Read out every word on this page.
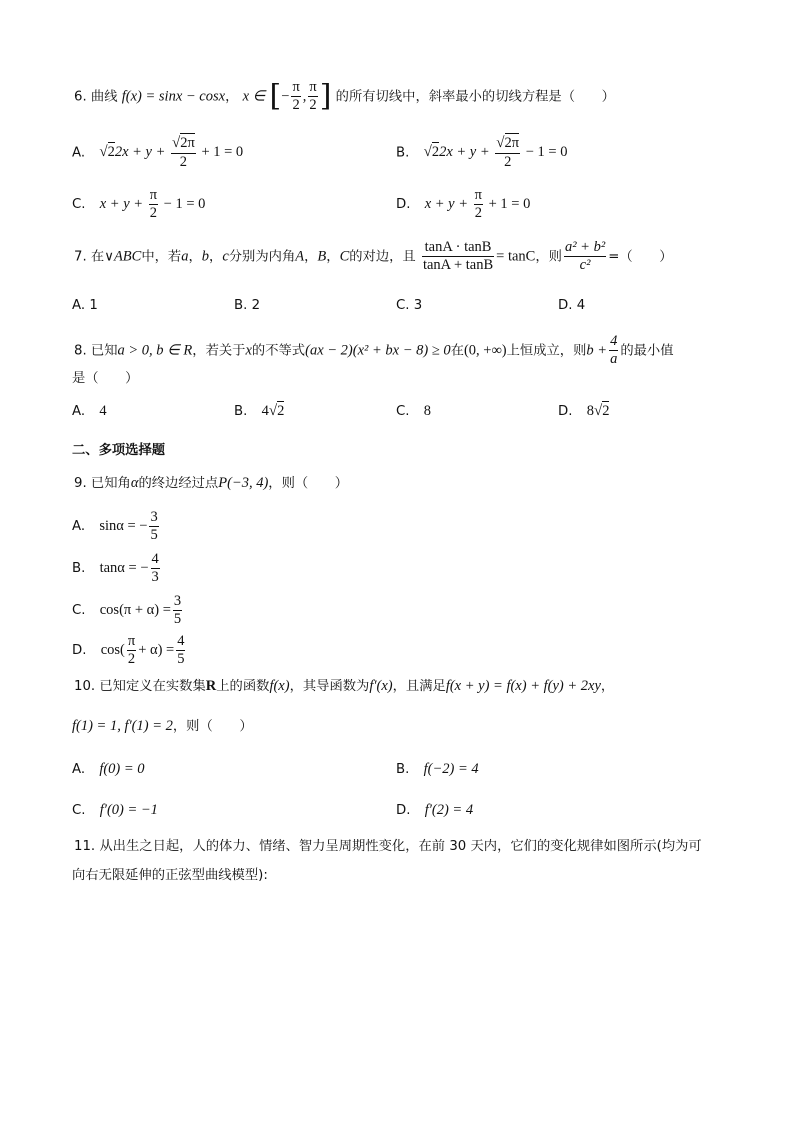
6. 曲线 f(x) = sinx − cosx， x ∈ [− $\frac{\pi}{2}$ , $\frac{\pi}{2}$ ] 的所有切线中，斜率最小的切线方程是（　　）
A. $√22x + y + \frac{√2\pi}{2} + 1 = 0$	B. $√22x + y + \frac{√2\pi}{2} - 1 = 0$
C. $x + y + \frac{\pi}{2} - 1 = 0$	D. $x + y + \frac{\pi}{2} + 1 = 0$
7. 在∨ABC中，若a，b，c分别为内角A，B，C的对边，且 $\frac{\tan A \cdot \tan B}{\tan A + \tan B} = \tan C$，则 $\frac{\text{a² + b²}}{\text{c²}}$ =（　　）
A. 1	B. 2	C. 3	D. 4
8. 已知a > 0, b ∈ R，若关于x的不等式(ax − 2)(x² + bx − 8) ≥ 0在(0, +∞)上恒成立，则$b + \frac{4}{a}$ 的最小值
是（　　）
A. 4	B. 4√2	C. 8	D. 8√2
二、多项选择题
9. 已知角α的终边经过点P(−3, 4)，则（　　）
A. sinα = − $\frac{3}{5}$
B. tanα = − $\frac{4}{3}$
C. $\cos(\pi + \alpha) = \frac{3}{5}$
D. $\cos( \frac{\pi}{2} + \alpha) = \frac{4}{5}$
10. 已知定义在实数集R上的函数f(x)，其导函数为f′(x)，且满足f(x + y) = f(x) + f(y) + 2xy，
f(1) = 1, f′(1) = 2，则（　　）
A. f(0) = 0	B. f(−2) = 4
C. f′(0) = −1	D. f′(2) = 4
11. 从出生之日起，人的体力、情绪、智力呈周期性变化，在前 30 天内，它们的变化规律如图所示(均为可
向右无限延伸的正弦型曲线模型):
